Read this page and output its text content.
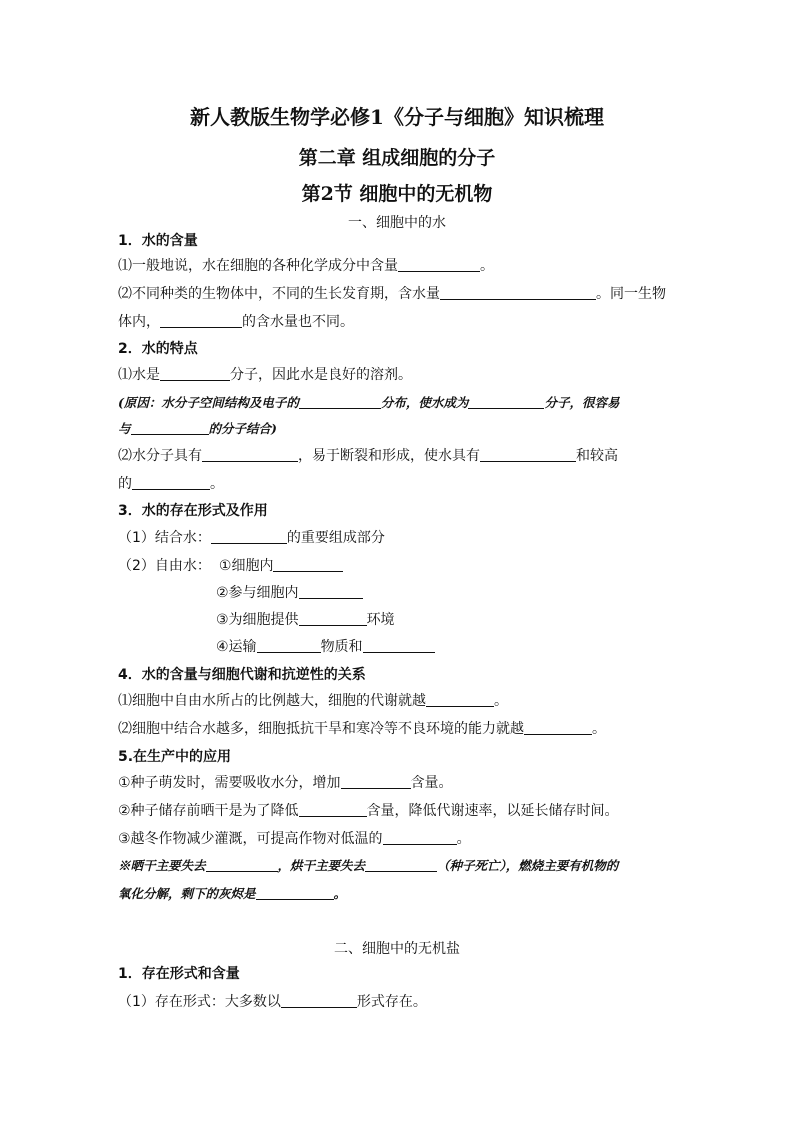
新人教版生物学必修1《分子与细胞》知识梳理
第二章 组成细胞的分子
第2节 细胞中的无机物
一、细胞中的水
1．水的含量
⑴一般地说，水在细胞的各种化学成分中含量	。
⑵不同种类的生物体中，不同的生长发育期，含水量	。同一生物
体内，	的含水量也不同。
2．水的特点
⑴水是	分子，因此水是良好的溶剂。
(原因：水分子空间结构及电子的	分布，使水成为	分子，很容易
与	的分子结合)
⑵水分子具有	，易于断裂和形成，使水具有	和较高
的	。
3．水的存在形式及作用
（1）结合水：	的重要组成部分
（2）自由水： ①细胞内
②参与细胞内
③为细胞提供	环境
④运输	物质和
4．水的含量与细胞代谢和抗逆性的关系
⑴细胞中自由水所占的比例越大，细胞的代谢就越	。
⑵细胞中结合水越多，细胞抵抗干旱和寒冷等不良环境的能力就越	。
5.在生产中的应用
①种子萌发时，需要吸收水分，增加	含量。
②种子储存前晒干是为了降低	含量，降低代谢速率，以延长储存时间。
③越冬作物减少灌溉，可提高作物对低温的	。
※晒干主要失去	，烘干主要失去	（种子死亡），燃烧主要有机物的
氧化分解，剩下的灰烬是	。
二、细胞中的无机盐
1．存在形式和含量
（1）存在形式：大多数以	形式存在。
